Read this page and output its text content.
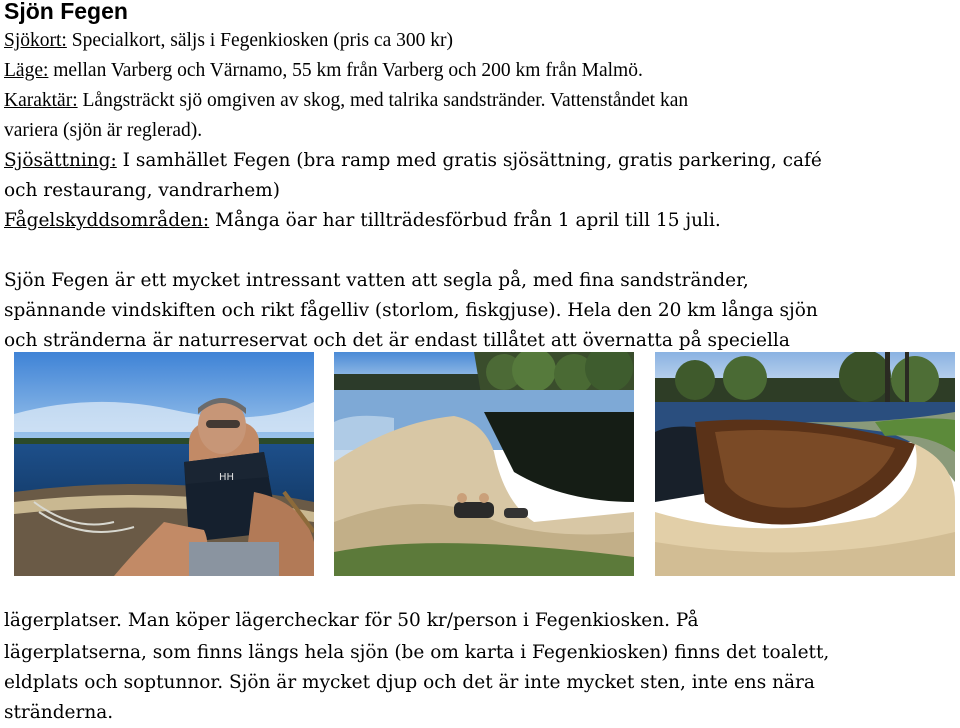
Sjön Fegen
Sjökort: Specialkort, säljs i Fegenkiosken (pris ca 300 kr)
Läge: mellan Varberg och Värnamo, 55 km från Varberg och 200 km från Malmö.
Karaktär: Långsträckt sjö omgiven av skog, med talrika sandstränder. Vattenståndet kan
variera (sjön är reglerad).
Sjösättning: I samhället Fegen (bra ramp med gratis sjösättning, gratis parkering, café
och restaurang, vandrarhem)
Fågelskyddsområden: Många öar har tillträdesförbud från 1 april till 15 juli.
Sjön Fegen är ett mycket intressant vatten att segla på, med fina sandstränder,
spännande vindskiften och rikt fågelliv (storlom, fiskgjuse). Hela den 20 km långa sjön
och stränderna är naturreservat och det är endast tillåtet att övernatta på speciella
HH
lägerplatser. Man köper lägercheckar för 50 kr/person i Fegenkiosken. På
lägerplatserna, som finns längs hela sjön (be om karta i Fegenkiosken) finns det toalett,
eldplats och soptunnor. Sjön är mycket djup och det är inte mycket sten, inte ens nära
stränderna.
